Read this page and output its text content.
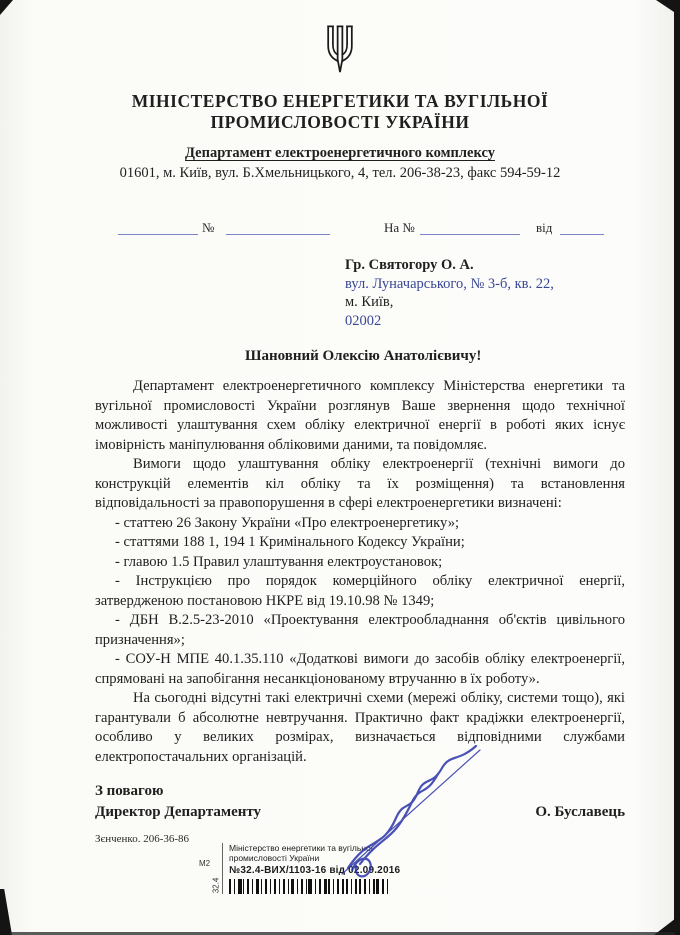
МІНІСТЕРСТВО ЕНЕРГЕТИКИ ТА ВУГІЛЬНОЇ
ПРОМИСЛОВОСТІ УКРАЇНИ
Департамент електроенергетичного комплексу
01601, м. Київ, вул. Б.Хмельницького, 4, тел. 206-38-23, факс 594-59-12
№	На №	від
Гр. Святогору О. А.
вул. Луначарського, № 3-б, кв. 22,
м. Київ,
02002
Шановний Олексію Анатолієвичу!

Департамент електроенергетичного комплексу Міністерства енергетики та вугільної промисловості України розглянув Ваше звернення щодо технічної можливості улаштування схем обліку електричної енергії в роботі яких існує імовірність маніпулювання обліковими даними, та повідомляє.

Вимоги щодо улаштування обліку електроенергії (технічні вимоги до конструкцій елементів кіл обліку та їх розміщення) та встановлення відповідальності за правопорушення в сфері електроенергетики визначені:

- статтею 26 Закону України «Про електроенергетику»;
- статтями 188 1, 194 1 Кримінального Кодексу України;
- главою 1.5 Правил улаштування електроустановок;
- Інструкцією про порядок комерційного обліку електричної енергії, затвердженою постановою НКРЕ від 19.10.98 № 1349;
- ДБН В.2.5-23-2010 «Проектування електрообладнання об'єктів цивільного призначення»;
- СОУ-Н МПЕ 40.1.35.110 «Додаткові вимоги до засобів обліку електроенергії, спрямовані на запобігання несанкціонованому втручанню в їх роботу».

На сьогодні відсутні такі електричні схеми (мережі обліку, системи тощо), які гарантували б абсолютне невтручання. Практично факт крадіжки електроенергії, особливо у великих розмірах, визначається відповідними службами електропостачальних організацій.

З повагою
Директор Департаменту	О. Буславець
Зєнченко. 206-36-86
Міністерство енергетики та вугільної
промисловості України
№32.4-ВИХ/1103-16 від 02.09.2016
32.4
М2
